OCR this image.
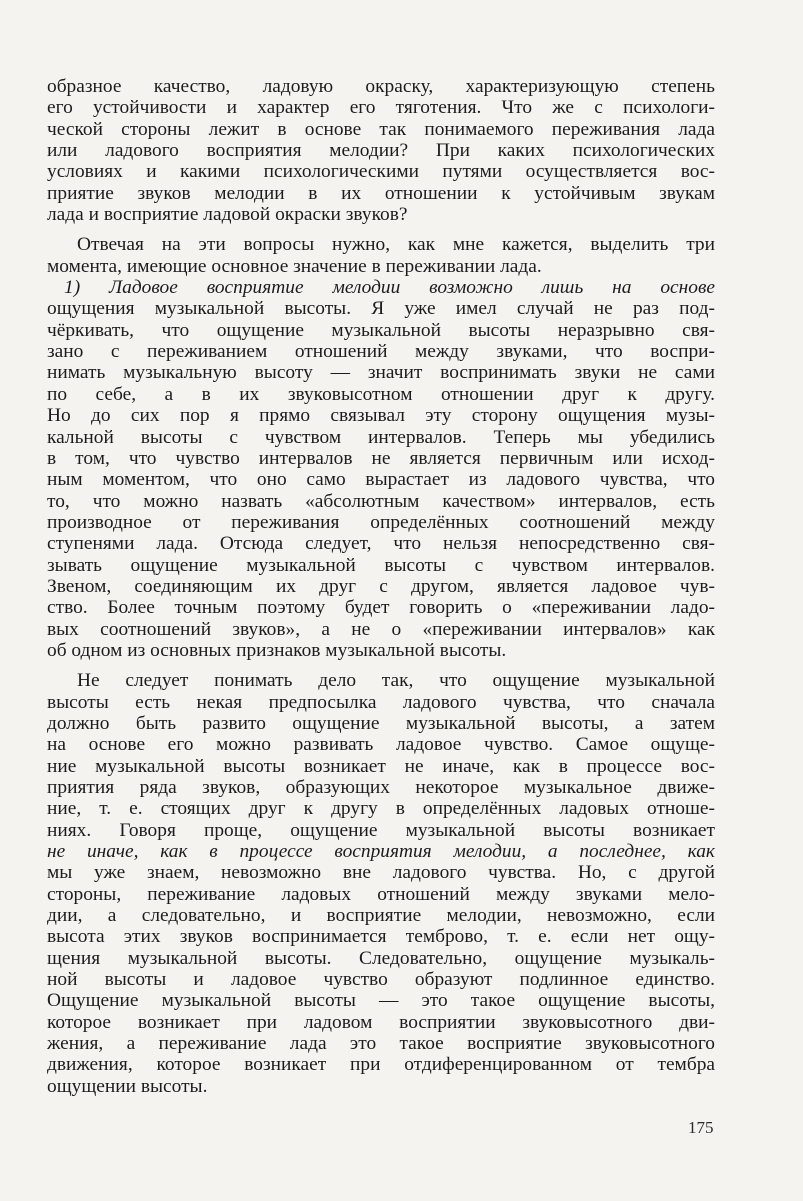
образное качество, ладовую окраску, характеризующую степень
его устойчивости и характер его тяготения. Что же с психологи-
ческой стороны лежит в основе так понимаемого переживания лада
или ладового восприятия мелодии? При каких психологических
условиях и какими психологическими путями осуществляется вос-
приятие звуков мелодии в их отношении к устойчивым звукам
лада и восприятие ладовой окраски звуков?

Отвечая на эти вопросы нужно, как мне кажется, выделить три
момента, имеющие основное значение в переживании лада.

1) Ладовое восприятие мелодии возможно лишь на основе
ощущения музыкальной высоты. Я уже имел случай не раз под-
чёркивать, что ощущение музыкальной высоты неразрывно свя-
зано с переживанием отношений между звуками, что воспри-
нимать музыкальную высоту — значит воспринимать звуки не сами
по себе, а в их звуковысотном отношении друг к другу.
Но до сих пор я прямо связывал эту сторону ощущения музы-
кальной высоты с чувством интервалов. Теперь мы убедились
в том, что чувство интервалов не является первичным или исход-
ным моментом, что оно само вырастает из ладового чувства, что
то, что можно назвать «абсолютным качеством» интервалов, есть
производное от переживания определённых соотношений между
ступенями лада. Отсюда следует, что нельзя непосредственно свя-
зывать ощущение музыкальной высоты с чувством интервалов.
Звеном, соединяющим их друг с другом, является ладовое чув-
ство. Более точным поэтому будет говорить о «переживании ладо-
вых соотношений звуков», а не о «переживании интервалов» как
об одном из основных признаков музыкальной высоты.

Не следует понимать дело так, что ощущение музыкальной
высоты есть некая предпосылка ладового чувства, что сначала
должно быть развито ощущение музыкальной высоты, а затем
на основе его можно развивать ладовое чувство. Самое ощуще-
ние музыкальной высоты возникает не иначе, как в процессе вос-
приятия ряда звуков, образующих некоторое музыкальное движе-
ние, т. е. стоящих друг к другу в определённых ладовых отноше-
ниях. Говоря проще, ощущение музыкальной высоты возникает
не иначе, как в процессе восприятия мелодии, а последнее, как
мы уже знаем, невозможно вне ладового чувства. Но, с другой
стороны, переживание ладовых отношений между звуками мело-
дии, а следовательно, и восприятие мелодии, невозможно, если
высота этих звуков воспринимается темброво, т. е. если нет ощу-
щения музыкальной высоты. Следовательно, ощущение музыкаль-
ной высоты и ладовое чувство образуют подлинное единство.
Ощущение музыкальной высоты — это такое ощущение высоты,
которое возникает при ладовом восприятии звуковысотного дви-
жения, а переживание лада это такое восприятие звуковысотного
движения, которое возникает при отдиференцированном от тембра
ощущении высоты.

175
